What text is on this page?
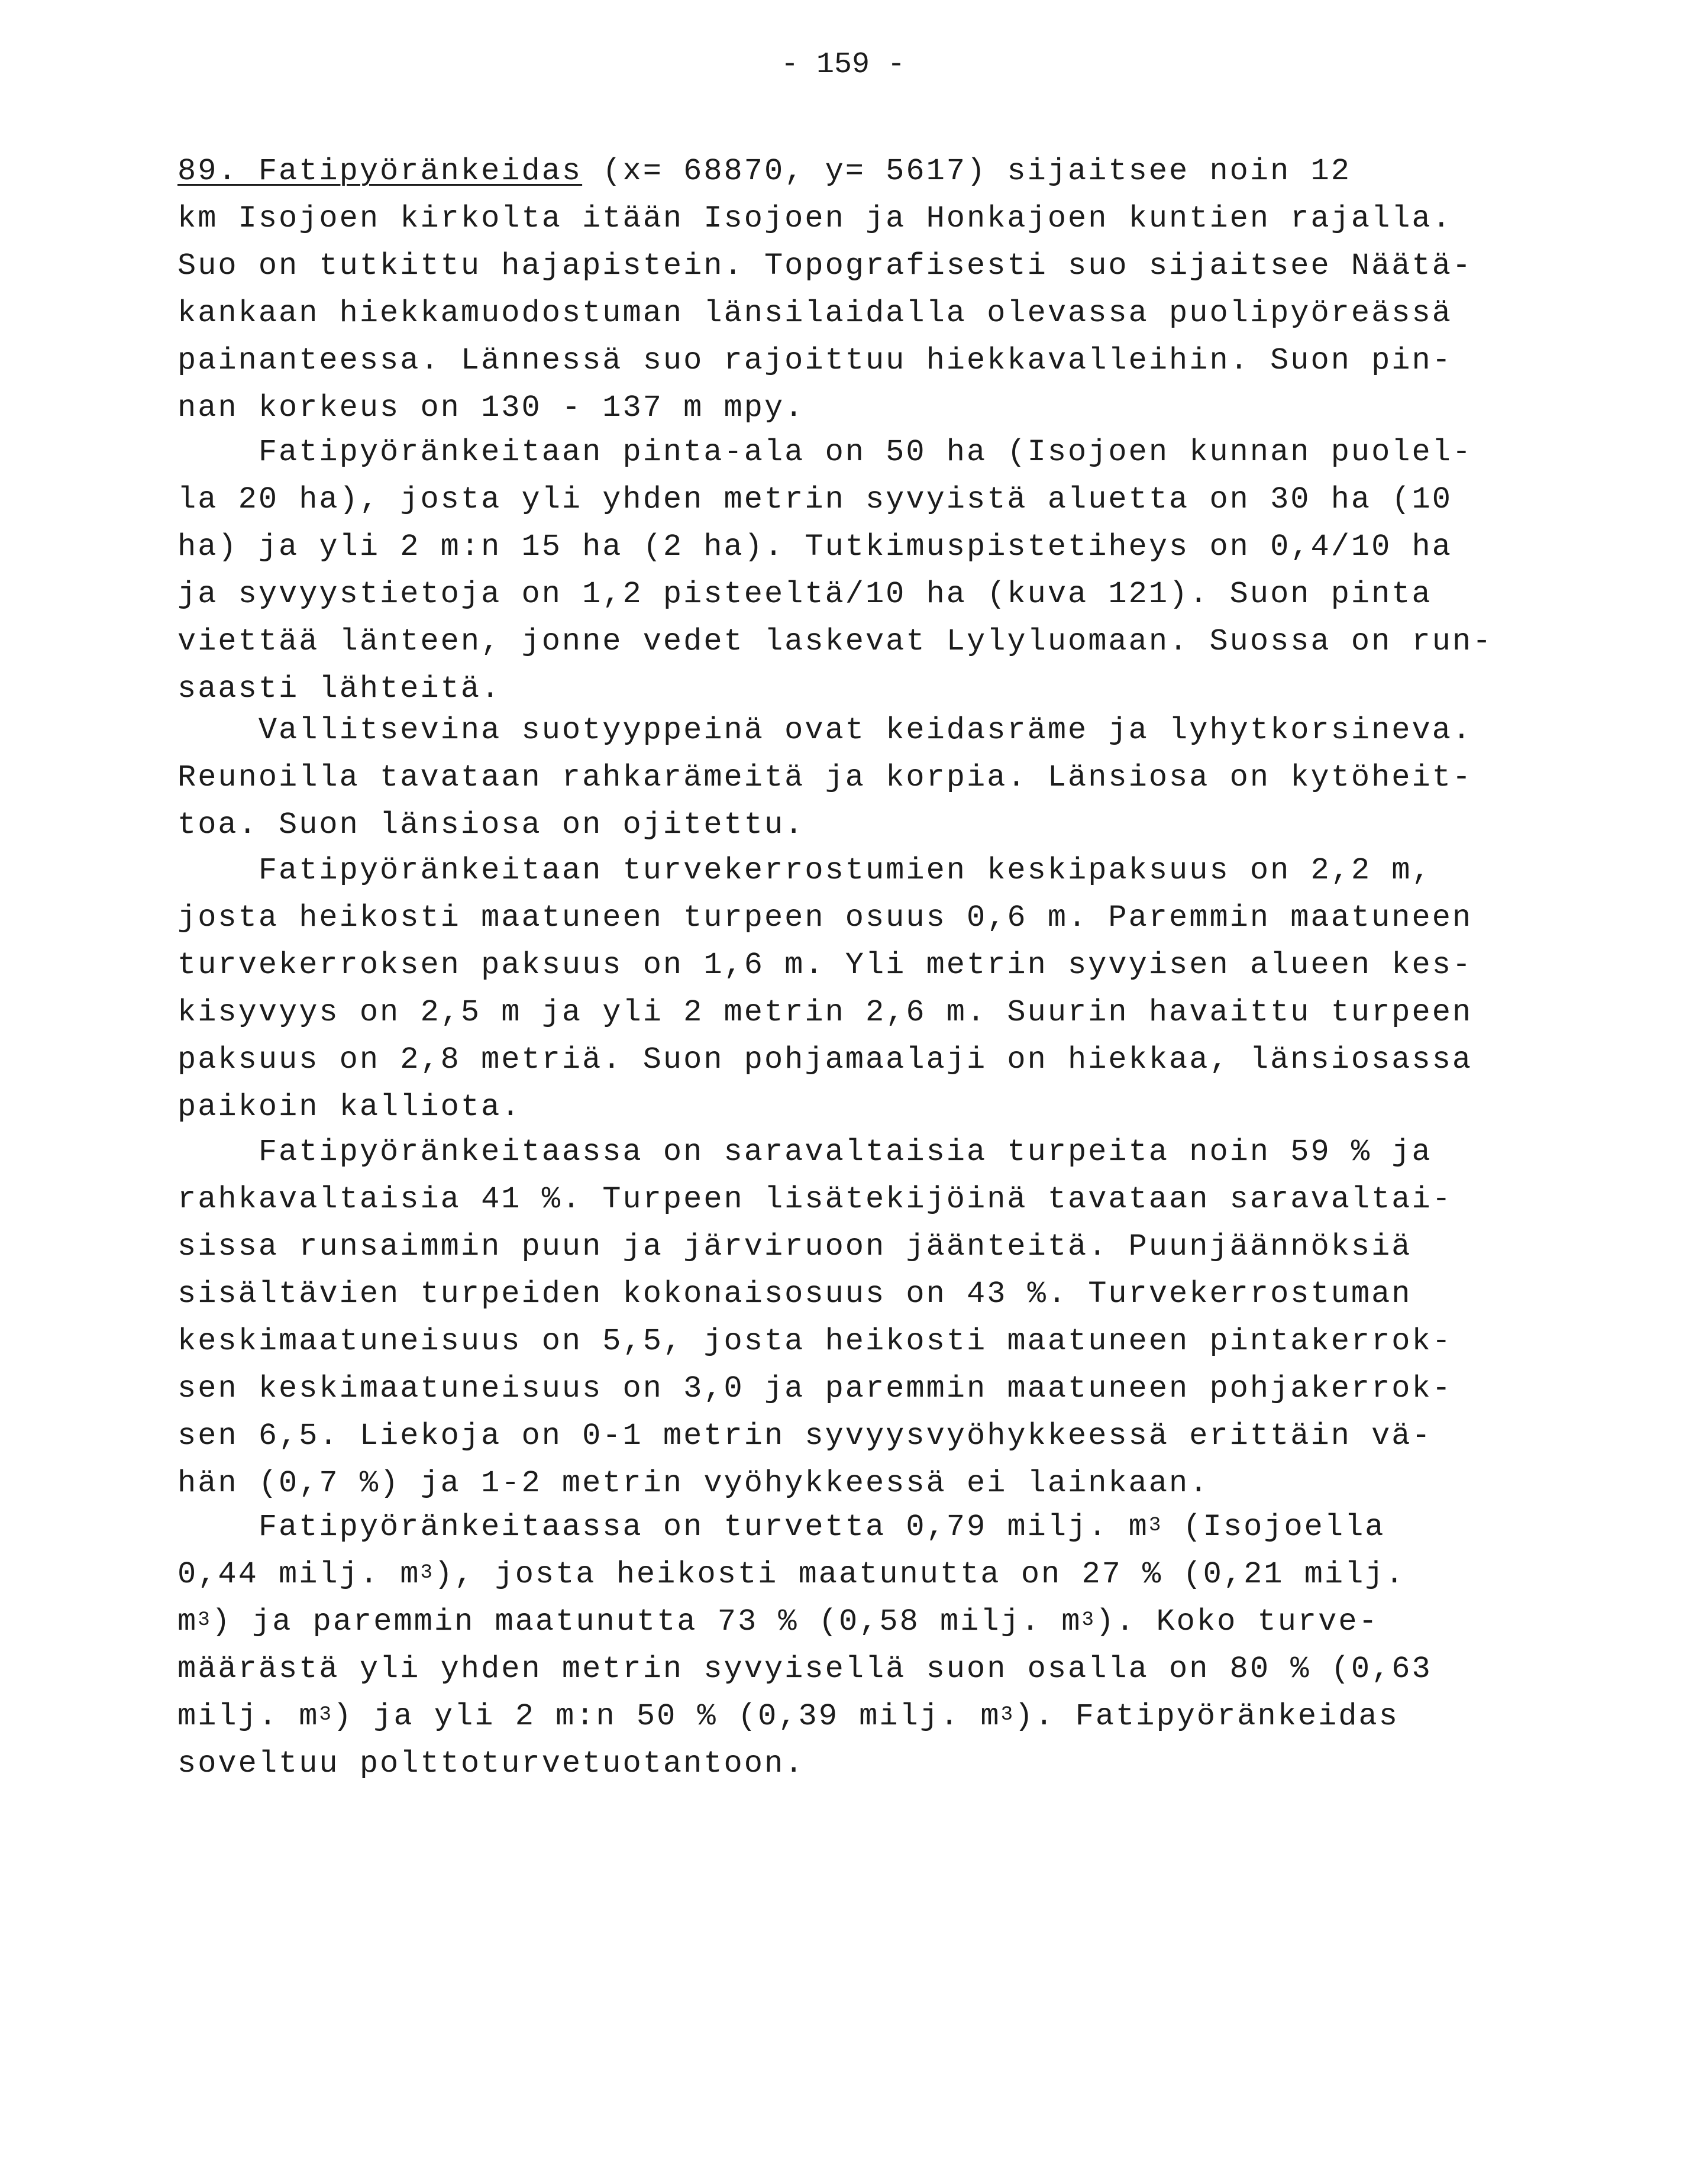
- 159 -
89. Fatipyöränkeidas (x= 68870, y= 5617) sijaitsee noin 12
km Isojoen kirkolta itään Isojoen ja Honkajoen kuntien rajalla.
Suo on tutkittu hajapistein. Topografisesti suo sijaitsee Näätä-
kankaan hiekkamuodostuman länsilaidalla olevassa puolipyöreässä
painanteessa. Lännessä suo rajoittuu hiekkavalleihin. Suon pin-
nan korkeus on 130 - 137 m mpy.
Fatipyöränkeitaan pinta-ala on 50 ha (Isojoen kunnan puolel-
la 20 ha), josta yli yhden metrin syvyistä aluetta on 30 ha (10
ha) ja yli 2 m:n 15 ha (2 ha). Tutkimuspistetiheys on 0,4/10 ha
ja syvyystietoja on 1,2 pisteeltä/10 ha (kuva 121). Suon pinta
viettää länteen, jonne vedet laskevat Lylyluomaan. Suossa on run-
saasti lähteitä.
Vallitsevina suotyyppeinä ovat keidasräme ja lyhytkorsineva.
Reunoilla tavataan rahkarämeitä ja korpia. Länsiosa on kytöheit-
toa. Suon länsiosa on ojitettu.
Fatipyöränkeitaan turvekerrostumien keskipaksuus on 2,2 m,
josta heikosti maatuneen turpeen osuus 0,6 m. Paremmin maatuneen
turvekerroksen paksuus on 1,6 m. Yli metrin syvyisen alueen kes-
kisyvyys on 2,5 m ja yli 2 metrin 2,6 m. Suurin havaittu turpeen
paksuus on 2,8 metriä. Suon pohjamaalaji on hiekkaa, länsiosassa
paikoin kalliota.
Fatipyöränkeitaassa on saravaltaisia turpeita noin 59 % ja
rahkavaltaisia 41 %. Turpeen lisätekijöinä tavataan saravaltai-
sissa runsaimmin puun ja järviruoon jäänteitä. Puunjäännöksiä
sisältävien turpeiden kokonaisosuus on 43 %. Turvekerrostuman
keskimaatuneisuus on 5,5, josta heikosti maatuneen pintakerrok-
sen keskimaatuneisuus on 3,0 ja paremmin maatuneen pohjakerrok-
sen 6,5. Liekoja on 0-1 metrin syvyysvyöhykkeessä erittäin vä-
hän (0,7 %) ja 1-2 metrin vyöhykkeessä ei lainkaan.
Fatipyöränkeitaassa on turvetta 0,79 milj. $m^3$ (Isojoella
0,44 milj. $m^3$), josta heikosti maatunutta on 27 % (0,21 milj.
$m^3$) ja paremmin maatunutta 73 % (0,58 milj. $m^3$). Koko turve-
määrästä yli yhden metrin syvyisellä suon osalla on 80 % (0,63
milj. $m^3$) ja yli 2 m:n 50 % (0,39 milj. $m^3$). Fatipyöränkeidas
soveltuu polttoturvetuotantoon.
